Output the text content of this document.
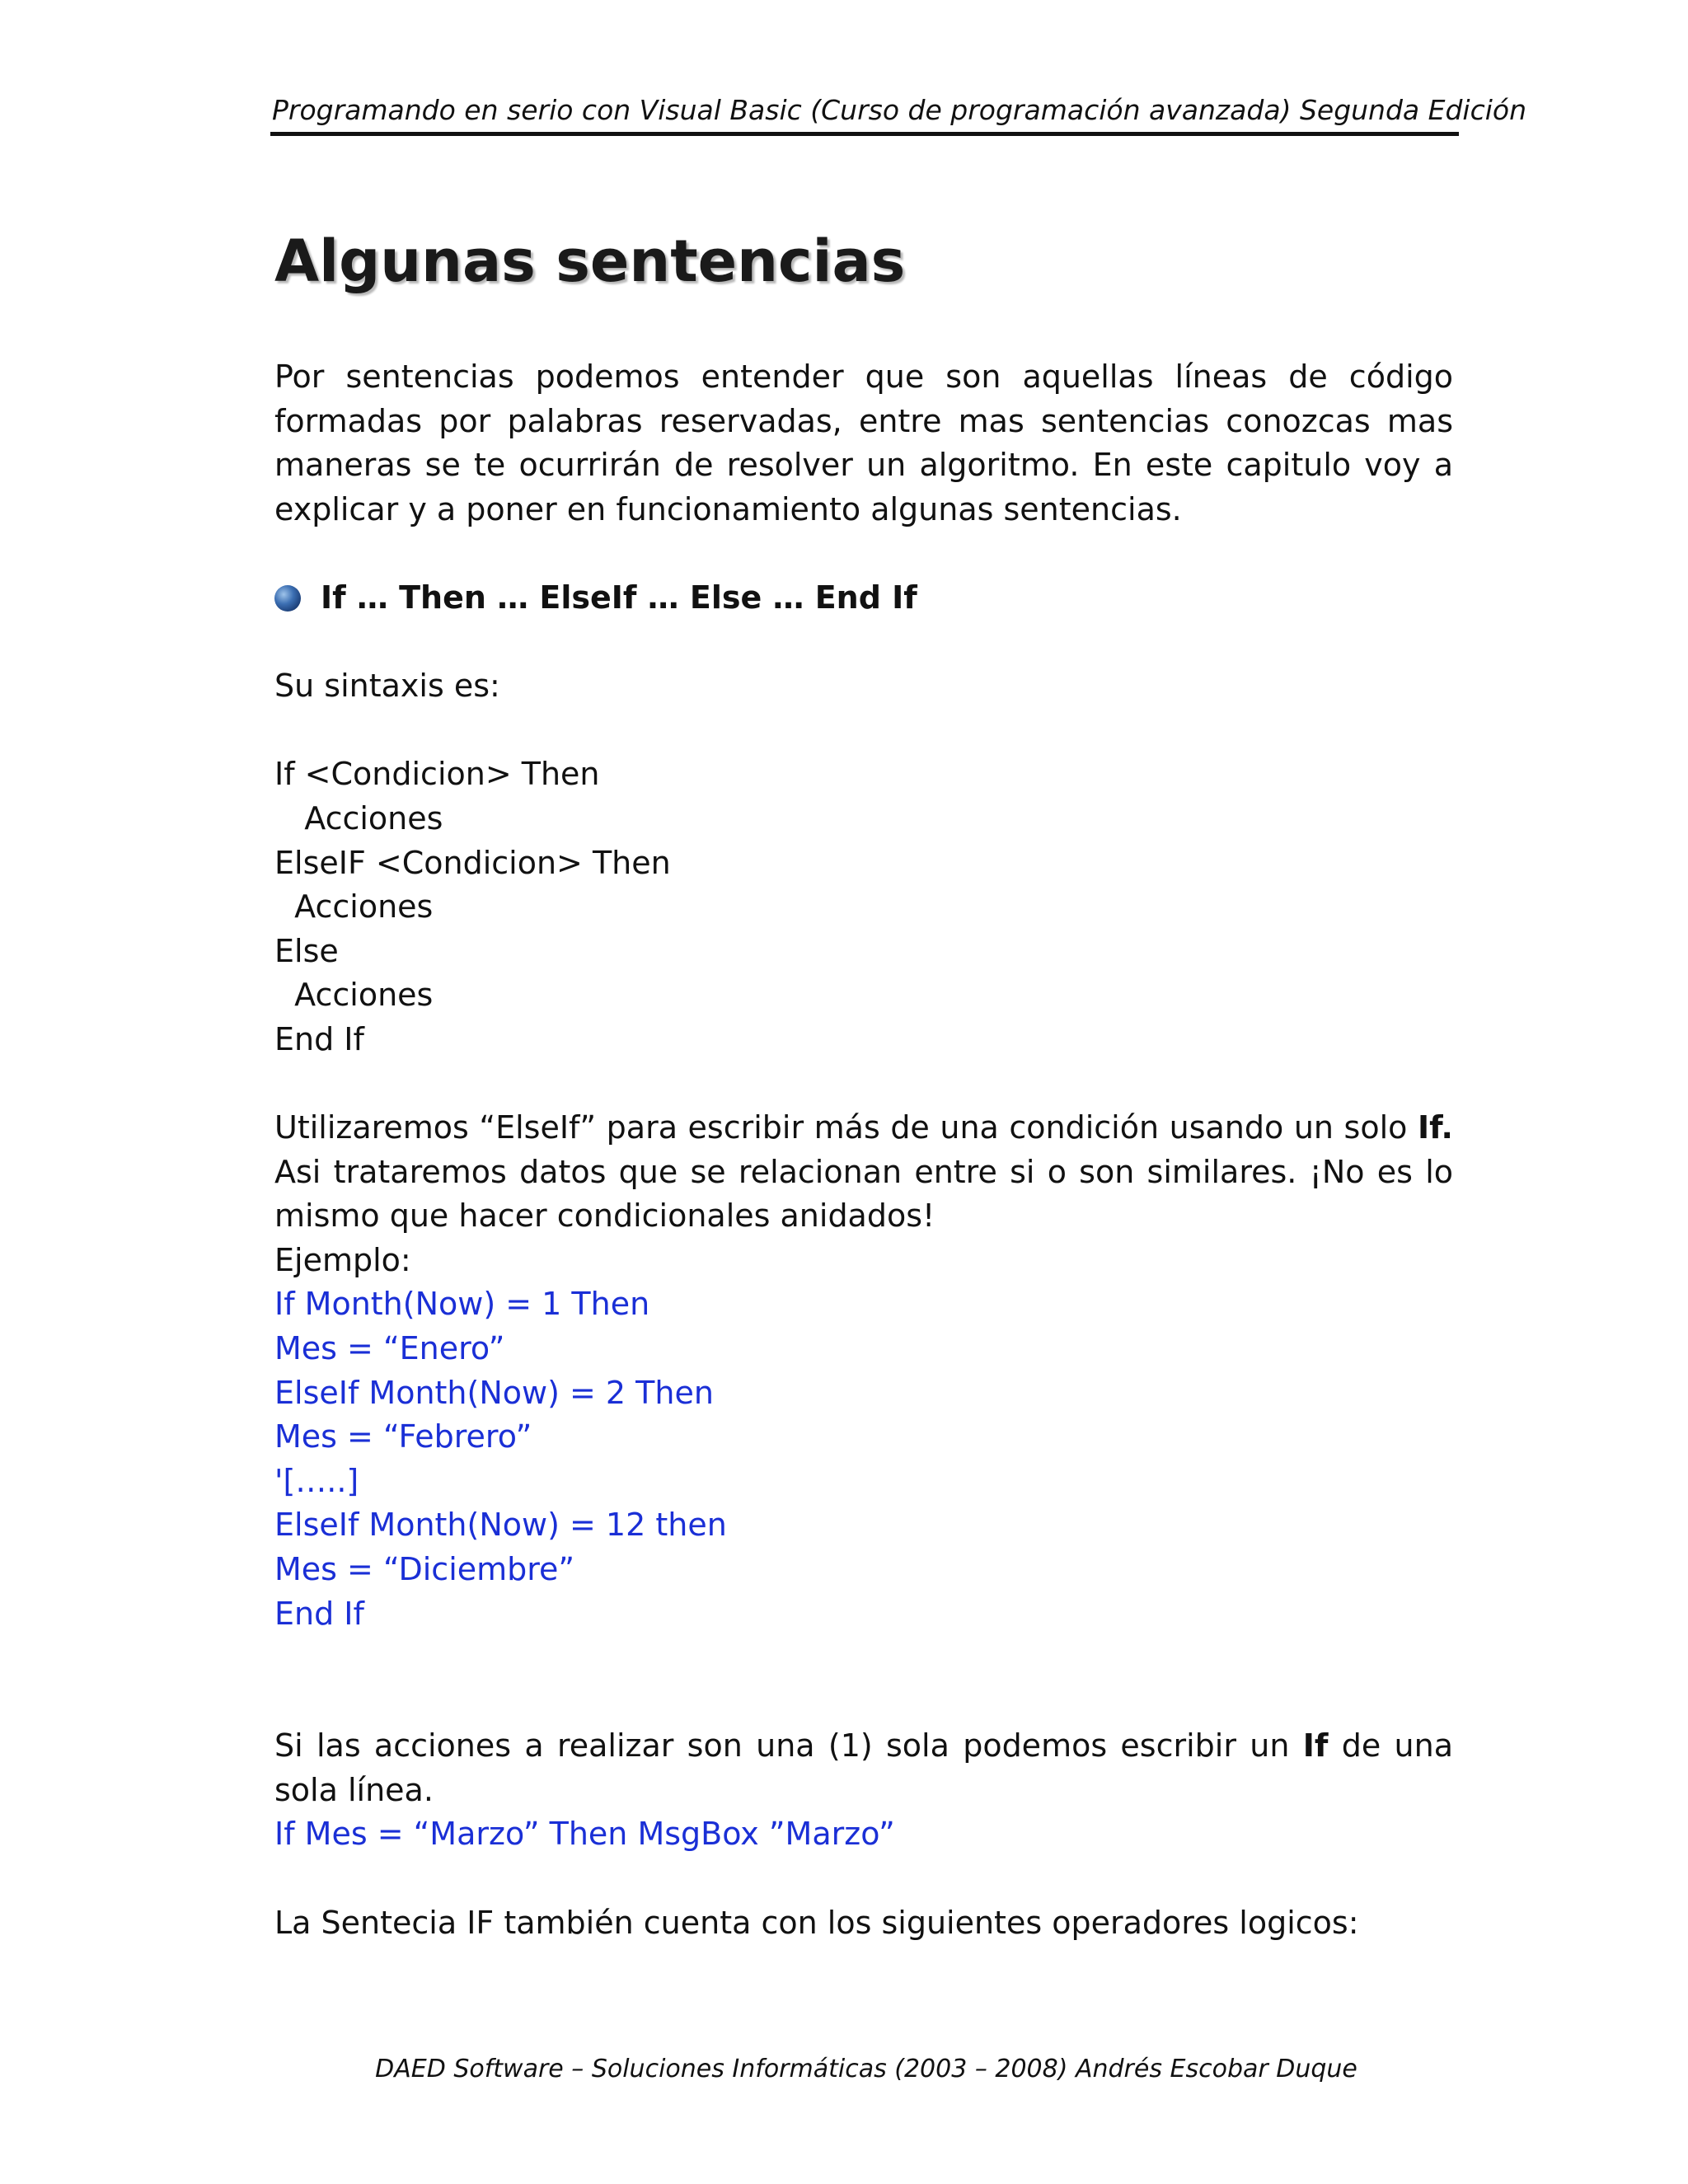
Programando en serio con Visual Basic (Curso de programación avanzada) Segunda Edición
Algunas sentencias

Por sentencias podemos entender que son aquellas líneas de código formadas por palabras reservadas, entre mas sentencias conozcas mas maneras se te ocurrirán de resolver un algoritmo. En este capitulo voy a explicar y a poner en funcionamiento algunas sentencias.

If … Then … ElseIf … Else … End If

Su sintaxis es:

If <Condicion> Then
Acciones
ElseIF <Condicion> Then
Acciones
Else
Acciones
End If

Utilizaremos “ElseIf” para escribir más de una condición usando un solo If. Asi trataremos datos que se relacionan entre si o son similares. ¡No es lo mismo que hacer condicionales anidados!

Ejemplo:

If Month(Now) = 1 Then
Mes = “Enero”
ElseIf Month(Now) = 2 Then
Mes = “Febrero”
'[…..]
ElseIf Month(Now) = 12 then
Mes = “Diciembre”
End If

Si las acciones a realizar son una (1) sola podemos escribir un If de una sola línea.

If Mes = “Marzo” Then MsgBox ”Marzo”

La Sentecia IF también cuenta con los siguientes operadores logicos:

DAED Software – Soluciones Informáticas (2003 – 2008) Andrés Escobar Duque
